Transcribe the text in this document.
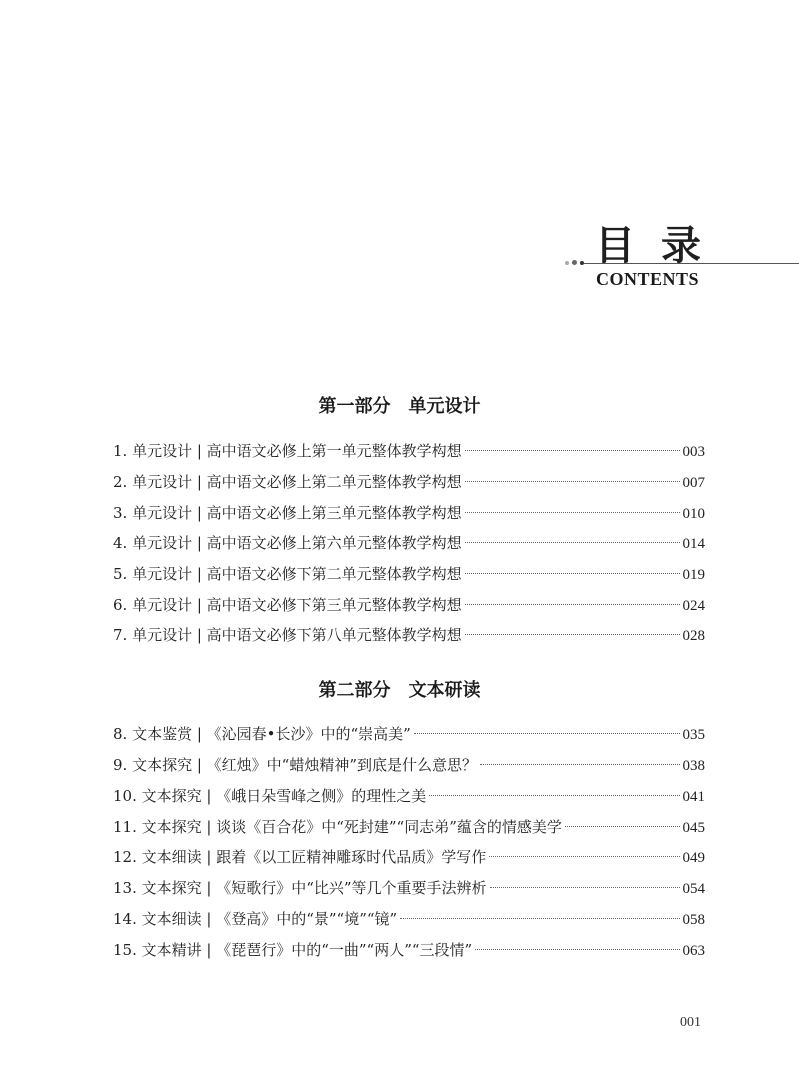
目录
CONTENTS
第一部分　单元设计
1. 单元设计 | 高中语文必修上第一单元整体教学构想	003
2. 单元设计 | 高中语文必修上第二单元整体教学构想	007
3. 单元设计 | 高中语文必修上第三单元整体教学构想	010
4. 单元设计 | 高中语文必修上第六单元整体教学构想	014
5. 单元设计 | 高中语文必修下第二单元整体教学构想	019
6. 单元设计 | 高中语文必修下第三单元整体教学构想	024
7. 单元设计 | 高中语文必修下第八单元整体教学构想	028
第二部分　文本研读
8. 文本鉴赏 | 《沁园春•长沙》中的“崇高美”	035
9. 文本探究 | 《红烛》中“蜡烛精神”到底是什么意思？	038
10. 文本探究 | 《峨日朵雪峰之侧》的理性之美	041
11. 文本探究 | 谈谈《百合花》中“死封建”“同志弟”蕴含的情感美学	045
12. 文本细读 | 跟着《以工匠精神雕琢时代品质》学写作	049
13. 文本探究 | 《短歌行》中“比兴”等几个重要手法辨析	054
14. 文本细读 | 《登高》中的“景”“境”“镜”	058
15. 文本精讲 | 《琵琶行》中的“一曲”“两人”“三段情”	063
001
